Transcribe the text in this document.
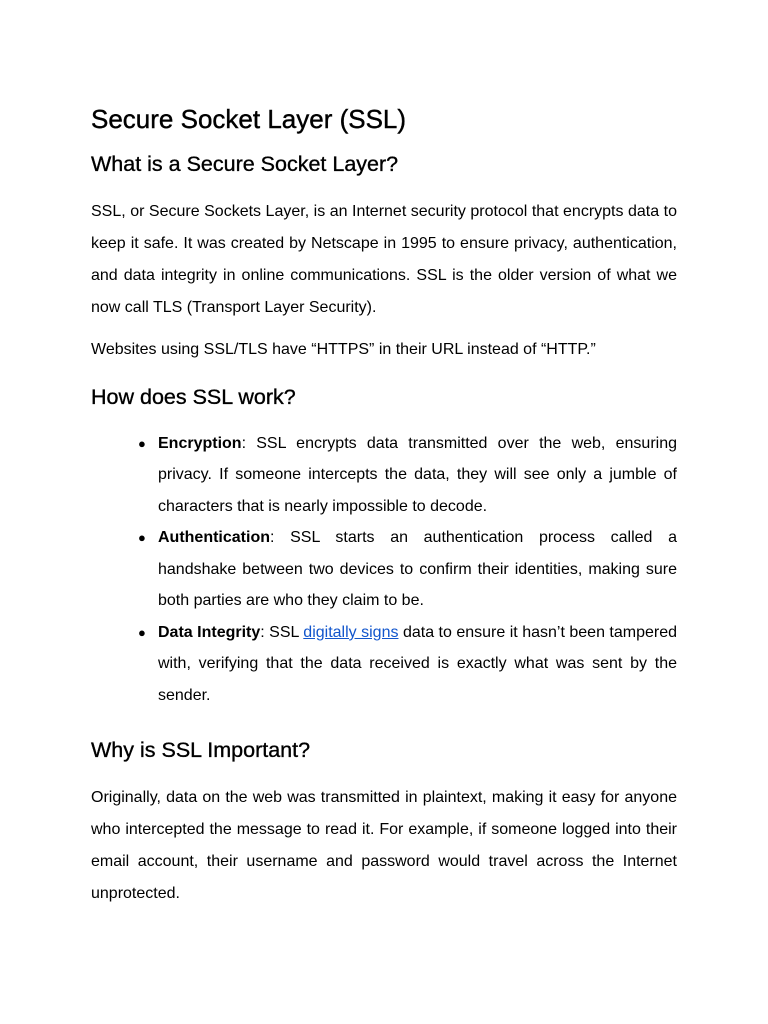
Secure Socket Layer (SSL)
What is a Secure Socket Layer?

SSL, or Secure Sockets Layer, is an Internet security protocol that encrypts data to keep it safe. It was created by Netscape in 1995 to ensure privacy, authentication, and data integrity in online communications. SSL is the older version of what we now call TLS (Transport Layer Security).

Websites using SSL/TLS have “HTTPS” in their URL instead of “HTTP.”

How does SSL work?
● Encryption: SSL encrypts data transmitted over the web, ensuring privacy. If someone intercepts the data, they will see only a jumble of characters that is nearly impossible to decode.
● Authentication: SSL starts an authentication process called a handshake between two devices to confirm their identities, making sure both parties are who they claim to be.
● Data Integrity: SSL digitally signs data to ensure it hasn’t been tampered with, verifying that the data received is exactly what was sent by the sender.
Why is SSL Important?

Originally, data on the web was transmitted in plaintext, making it easy for anyone who intercepted the message to read it. For example, if someone logged into their email account, their username and password would travel across the Internet unprotected.
